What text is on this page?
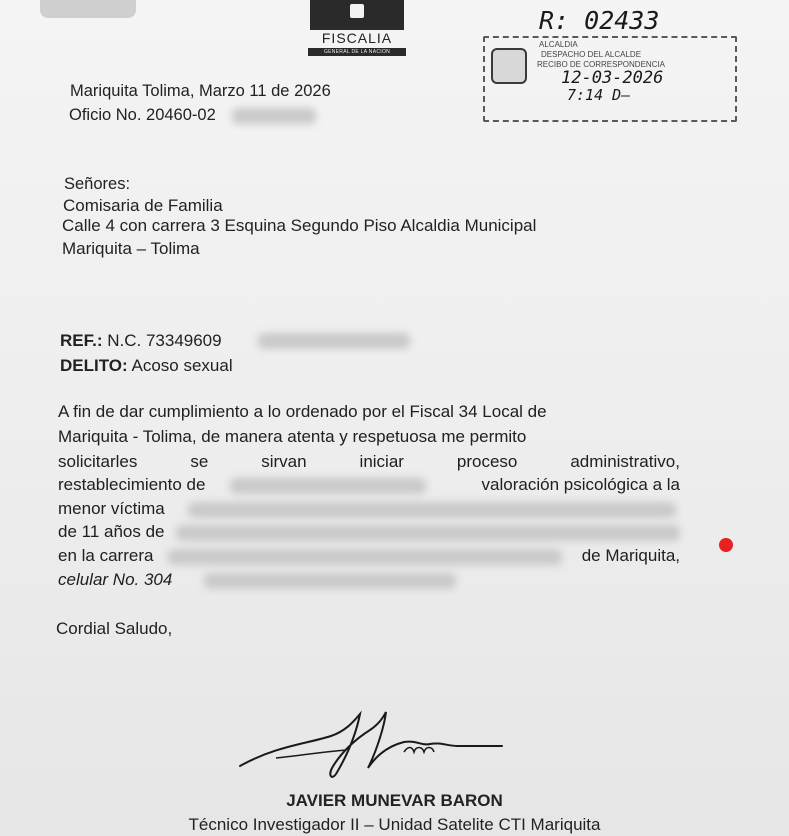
FISCALIA
GENERAL DE LA NACION
R: 02433
ALCALDIA
DESPACHO DEL ALCALDE
RECIBO DE CORRESPONDENCIA
12-03-2026
7:14 D—
Mariquita Tolima, Marzo 11 de 2026
Oficio No. 20460-02
Señores:
Comisaria de Familia
Calle 4 con carrera 3 Esquina Segundo Piso Alcaldia Municipal
Mariquita – Tolima
REF.: N.C. 73349609
DELITO: Acoso sexual
A fin de dar cumplimiento a lo ordenado por el Fiscal 34 Local de
Mariquita - Tolima, de manera atenta y respetuosa me permito
solicitarles	se	sirvan	iniciar	proceso	administrativo,
restablecimiento de	valoración psicológica a la
menor víctima
de 11 años de
en la carrera	de Mariquita,
celular No. 304
Cordial Saludo,
JAVIER MUNEVAR BARON
Técnico Investigador II – Unidad Satelite CTI Mariquita
